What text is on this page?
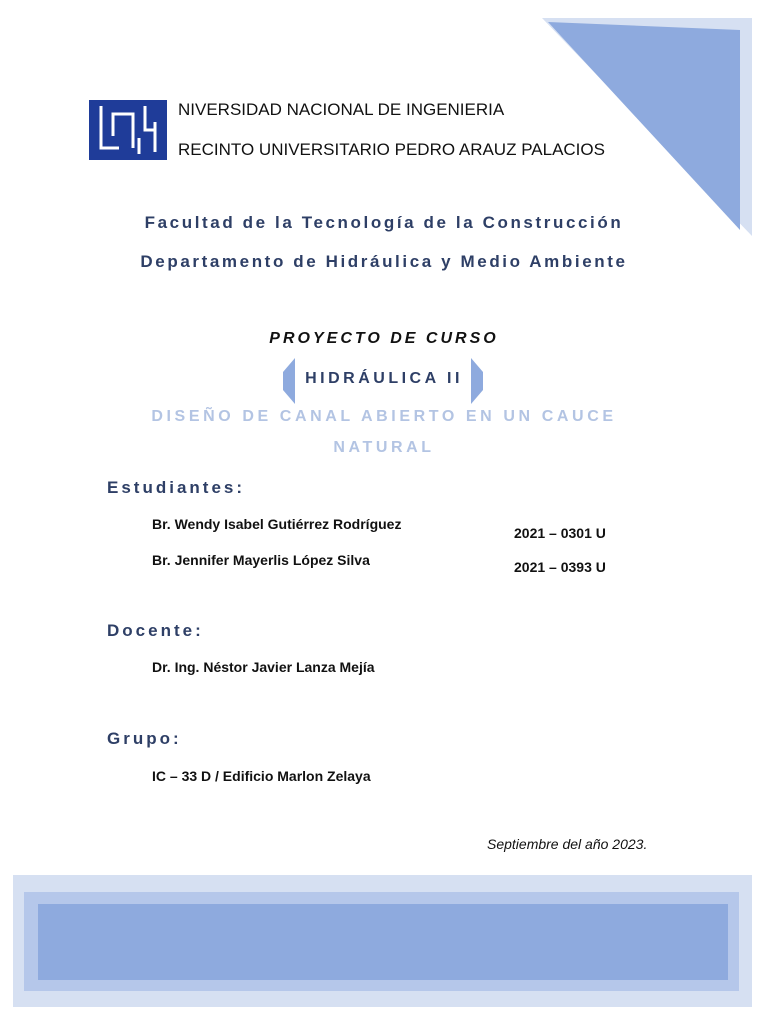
NIVERSIDAD NACIONAL DE INGENIERIA
RECINTO UNIVERSITARIO PEDRO ARAUZ PALACIOS
Facultad de la Tecnología de la Construcción
Departamento de Hidráulica y Medio Ambiente
PROYECTO DE CURSO
HIDRÁULICA II
DISEÑO DE CANAL ABIERTO EN UN CAUCE
NATURAL
Estudiantes:
Br. Wendy Isabel Gutiérrez Rodríguez
2021 – 0301 U
Br. Jennifer Mayerlis López Silva	2021 – 0393 U
Docente:
Dr. Ing. Néstor Javier Lanza Mejía
Grupo:
IC – 33 D / Edificio Marlon Zelaya
Septiembre del año 2023.
